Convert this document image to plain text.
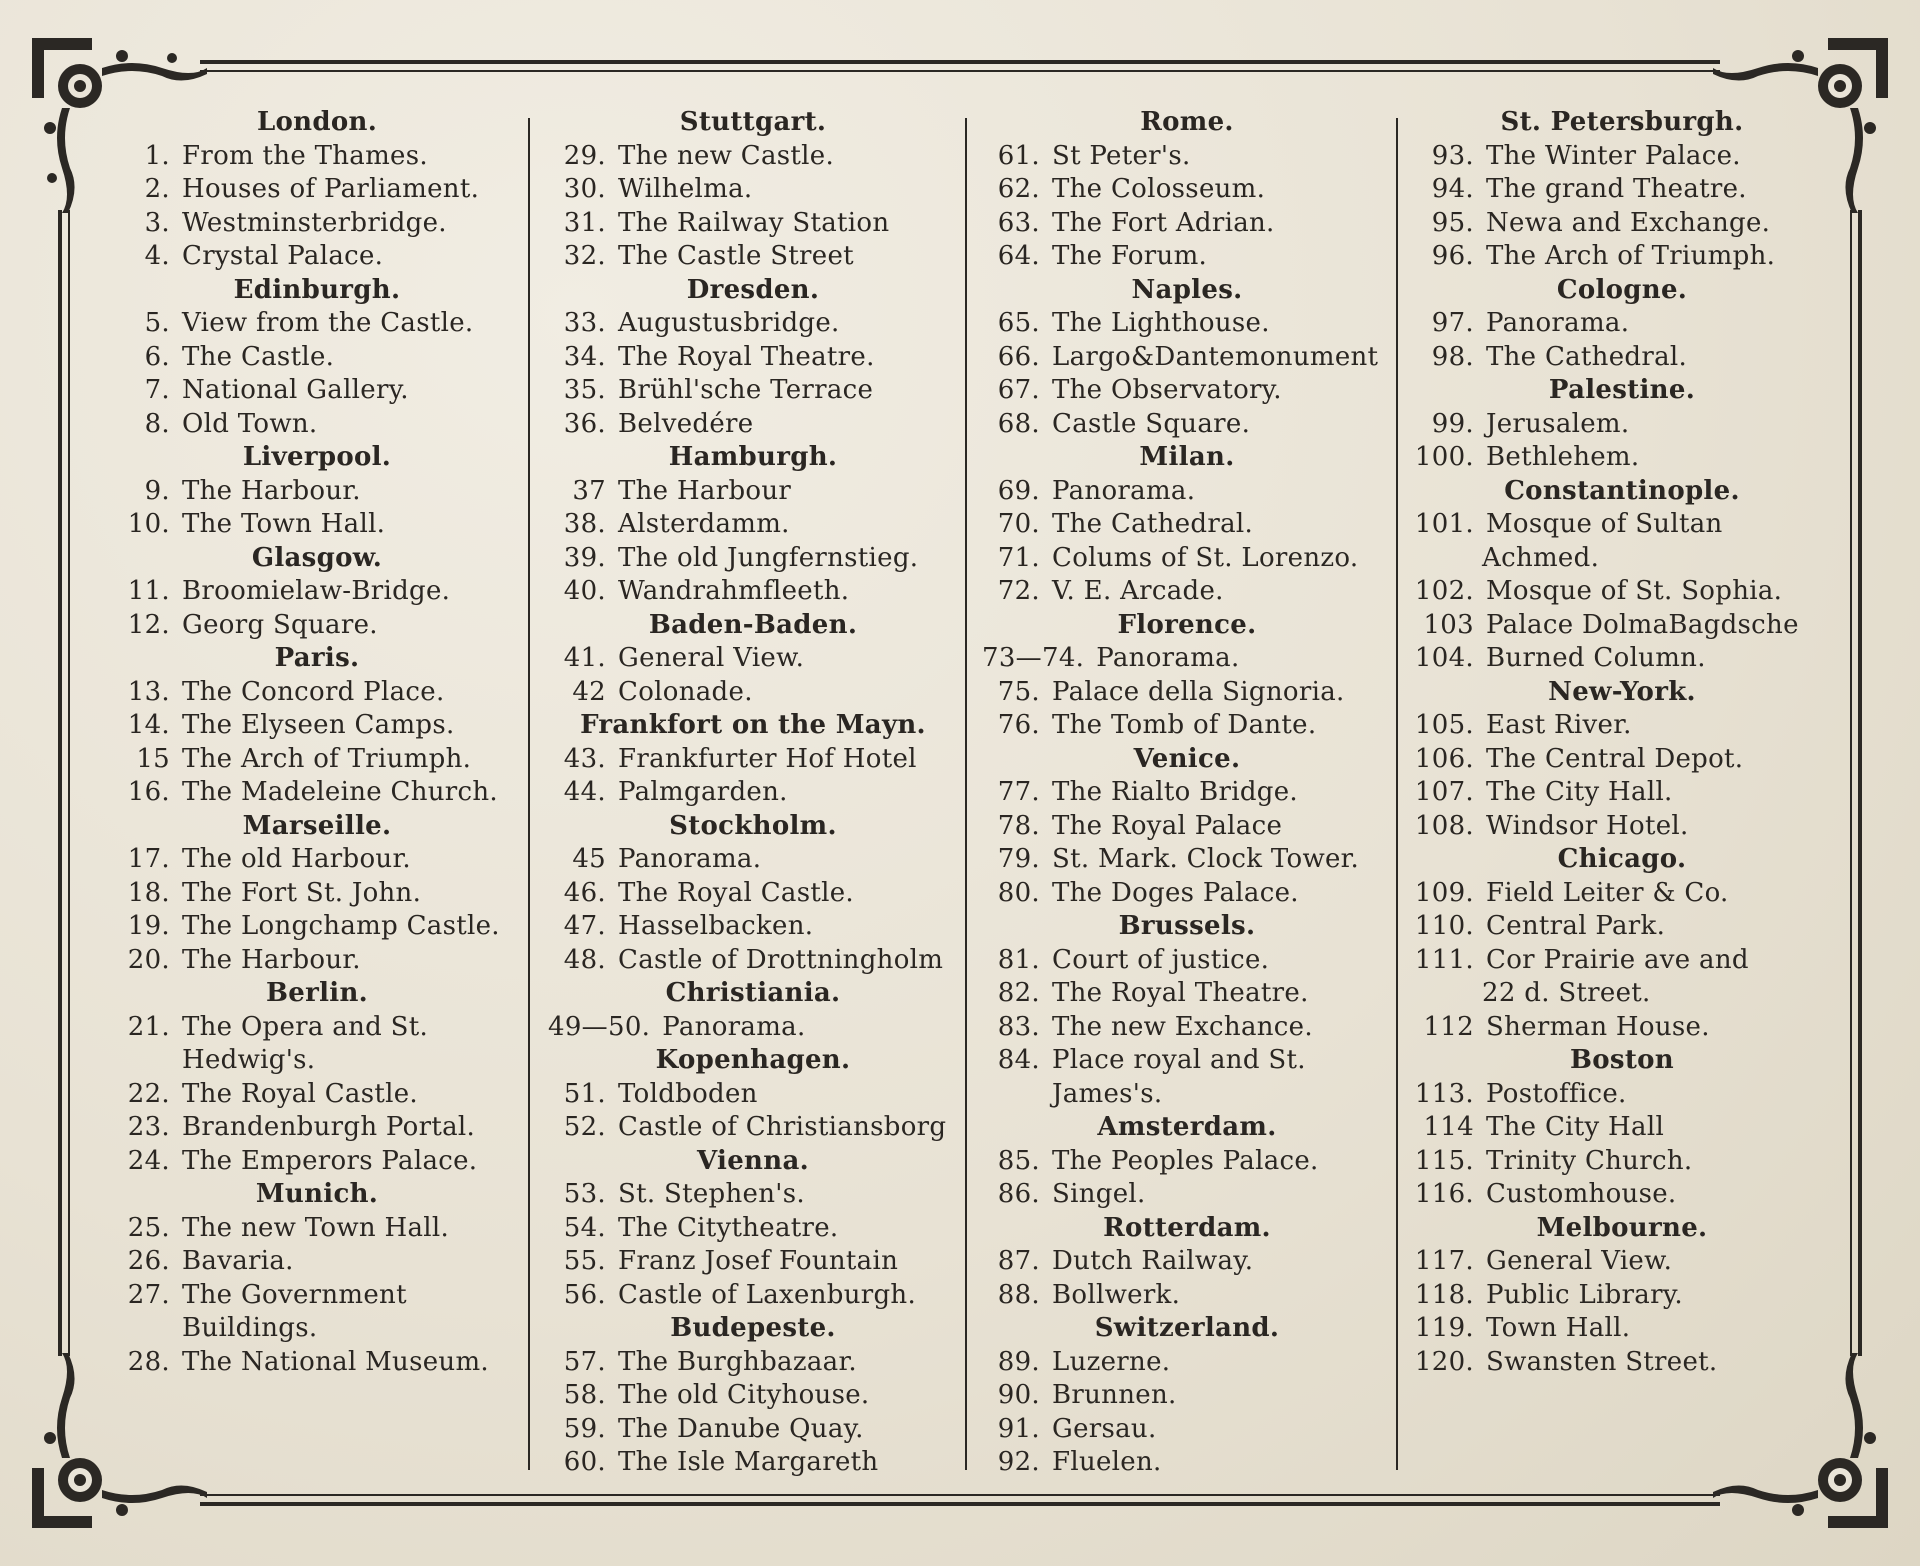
London.
1. From the Thames.
2. Houses of Parliament.
3. Westminsterbridge.
4. Crystal Palace.
Edinburgh.
5. View from the Castle.
6. The Castle.
7. National Gallery.
8. Old Town.
Liverpool.
9. The Harbour.
10. The Town Hall.
Glasgow.
11. Broomielaw-Bridge.
12. Georg Square.
Paris.
13. The Concord Place.
14. The Elyseen Camps.
15 The Arch of Triumph.
16. The Madeleine Church.
Marseille.
17. The old Harbour.
18. The Fort St. John.
19. The Longchamp Castle.
20. The Harbour.
Berlin.
21. The Opera and St.
Hedwig's.
22. The Royal Castle.
23. Brandenburgh Portal.
24. The Emperors Palace.
Munich.
25. The new Town Hall.
26. Bavaria.
27. The Government
Buildings.
28. The National Museum.
Stuttgart.
29. The new Castle.
30. Wilhelma.
31. The Railway Station
32. The Castle Street
Dresden.
33. Augustusbridge.
34. The Royal Theatre.
35. Brühl'sche Terrace
36. Belvedére
Hamburgh.
37 The Harbour
38. Alsterdamm.
39. The old Jungfernstieg.
40. Wandrahmfleeth.
Baden-Baden.
41. General View.
42 Colonade.
Frankfort on the Mayn.
43. Frankfurter Hof Hotel
44. Palmgarden.
Stockholm.
45 Panorama.
46. The Royal Castle.
47. Hasselbacken.
48. Castle of Drottningholm
Christiania.
49—50. Panorama.
Kopenhagen.
51. Toldboden
52. Castle of Christiansborg
Vienna.
53. St. Stephen's.
54. The Citytheatre.
55. Franz Josef Fountain
56. Castle of Laxenburgh.
Budepeste.
57. The Burghbazaar.
58. The old Cityhouse.
59. The Danube Quay.
60. The Isle Margareth
Rome.
61. St Peter's.
62. The Colosseum.
63. The Fort Adrian.
64. The Forum.
Naples.
65. The Lighthouse.
66. Largo&Dantemonument
67. The Observatory.
68. Castle Square.
Milan.
69. Panorama.
70. The Cathedral.
71. Colums of St. Lorenzo.
72. V. E. Arcade.
Florence.
73—74. Panorama.
75. Palace della Signoria.
76. The Tomb of Dante.
Venice.
77. The Rialto Bridge.
78. The Royal Palace
79. St. Mark. Clock Tower.
80. The Doges Palace.
Brussels.
81. Court of justice.
82. The Royal Theatre.
83. The new Exchance.
84. Place royal and St.
James's.
Amsterdam.
85. The Peoples Palace.
86. Singel.
Rotterdam.
87. Dutch Railway.
88. Bollwerk.
Switzerland.
89. Luzerne.
90. Brunnen.
91. Gersau.
92. Fluelen.
St. Petersburgh.
93. The Winter Palace.
94. The grand Theatre.
95. Newa and Exchange.
96. The Arch of Triumph.
Cologne.
97. Panorama.
98. The Cathedral.
Palestine.
99. Jerusalem.
100. Bethlehem.
Constantinople.
101. Mosque of Sultan
Achmed.
102. Mosque of St. Sophia.
103 Palace DolmaBagdsche
104. Burned Column.
New-York.
105. East River.
106. The Central Depot.
107. The City Hall.
108. Windsor Hotel.
Chicago.
109. Field Leiter & Co.
110. Central Park.
111. Cor Prairie ave and
22 d. Street.
112 Sherman House.
Boston
113. Postoffice.
114 The City Hall
115. Trinity Church.
116. Customhouse.
Melbourne.
117. General View.
118. Public Library.
119. Town Hall.
120. Swansten Street.
